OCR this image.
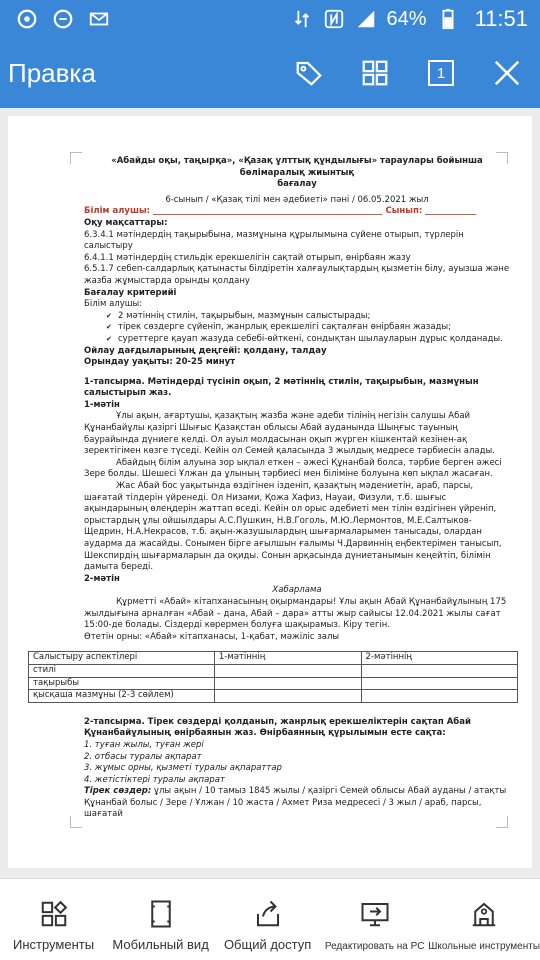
64% 11:51
Правка	1
«Абайды оқы, таңырқа», «Қазақ ұлттық құндылығы» тараулары бойынша бөлімаралық жиынтық
бағалау
6-сынып / «Қазақ тілі мен әдебиеті» пәні / 06.05.2021 жыл
Білім алушы: ______________________________________________________ Сынып: ____________
Оқу мақсаттары:
6.3.4.1 мәтіндердің тақырыбына, мазмұнына құрылымына сүйене отырып, түрлерін салыстыру
6.4.1.1 мәтіндердің стильдік ерекшелігін сақтай отырып, өнірбаян жазу
6.5.1.7 себеп-салдарлық қатынасты білдіретін халғаулықтардың қызметін білу, ауызша және жазба жұмыстарда орынды қолдану
Бағалау критерийі
Білім алушы:
✔ 2 мәтіннің стилін, тақырыбын, мазмұнын салыстырады;
✔ тірек сөздерге сүйеніп, жанрлық ерекшелігі сақталған өнірбаян жазады;
✔ суреттерге қауап жазуда себебі-өйткені, сондықтан шылауларын дұрыс қолданады.
Ойлау дағдыларының деңгейі: қолдану, талдау
Орындау уақыты: 20-25 минут
1-тапсырма. Мәтіндерді түсініп оқып, 2 мәтіннің стилін, тақырыбын, мазмұнын салыстырып жаз.
1-мәтін
Ұлы ақын, ағартушы, қазақтың жазба және әдеби тілінің негізін салушы Абай Құнанбайұлы қазіргі Шығыс Қазақстан облысы Абай ауданында Шыңғыс тауының баурайында дүниеге келді. Ол ауыл молдасынан оқып жүрген кішкентай кезінен-ақ зеректігімен көзге түседі. Кейін ол Семей қаласында 3 жылдық медресе тәрбиесін алады.
Абайдың білім алуына зор ықпал еткен – әжесі Құнанбай болса, тәрбие берген әжесі Зере болды. Шешесі Ұлжан да ұлының тәрбиесі мен біліміне болуына көп ықпал жасаған.
Жас Абай бос уақытында өздігінен ізденіп, қазақтың мәдениетін, араб, парсы, шағатай тілдерін үйренеді. Ол Низами, Қожа Хафиз, Науаи, Физули, т.б. шығыс ақындарының өлеңдерін жаттап өседі. Кейін ол орыс әдебиеті мен тілін өздігінен үйреніп, орыстардың ұлы ойшылдары А.С.Пушкин, Н.В.Гоголь, М.Ю.Лермонтов, М.Е.Салтыков-Щедрин, Н.А.Некрасов, т.б. ақын-жазушылардың шығармаларымен танысады, олардан аударма да жасайды. Сонымен бірге ағылшын ғалымы Ч.Дарвиннің еңбектерімен танысып, Шекспирдің шығармаларын да оқиды. Сонын арқасында дүниетанымын кеңейтіп, білімін дамыта береді.
2-мәтін
Хабарлама
Құрметті «Абай» кітапханасының оқырмандары! Ұлы ақын Абай Құнанбайұлының 175 жылдығына арналған «Абай – дана, Абай – дара» атты жыр сайысы 12.04.2021 жылы сағат 15:00-де болады. Сіздерді көрермен болуға шақырамыз. Кіру тегін.
Өтетін орны: «Абай» кітапханасы, 1-қабат, мәжіліс залы
Салыстыру аспектілері	1-мәтіннің	2-мәтіннің
стилі		
тақырыбы		
қысқаша мазмұны (2-3 сөйлем)		
2-тапсырма. Тірек сөздерді қолданып, жанрлық ерекшеліктерін сақтап Абай Құнанбайұлының өнірбаянын жаз. Өнірбаянның құрылымын есте сақта:
1. туған жылы, туған жері
2. отбасы туралы ақпарат
3. жұмыс орны, қызметі туралы ақпараттар
4. жетістіктері туралы ақпарат
Тірек сөздер: ұлы ақын / 10 тамыз 1845 жылы / қазіргі Семей облысы Абай ауданы / атақты Құнанбай болыс / Зере / Ұлжан / 10 жаста / Ахмет Риза медресесі / 3 жыл / араб, парсы, шағатай
Инструменты Мобильный вид Общий доступ Редактировать на PC Школьные инструменты
